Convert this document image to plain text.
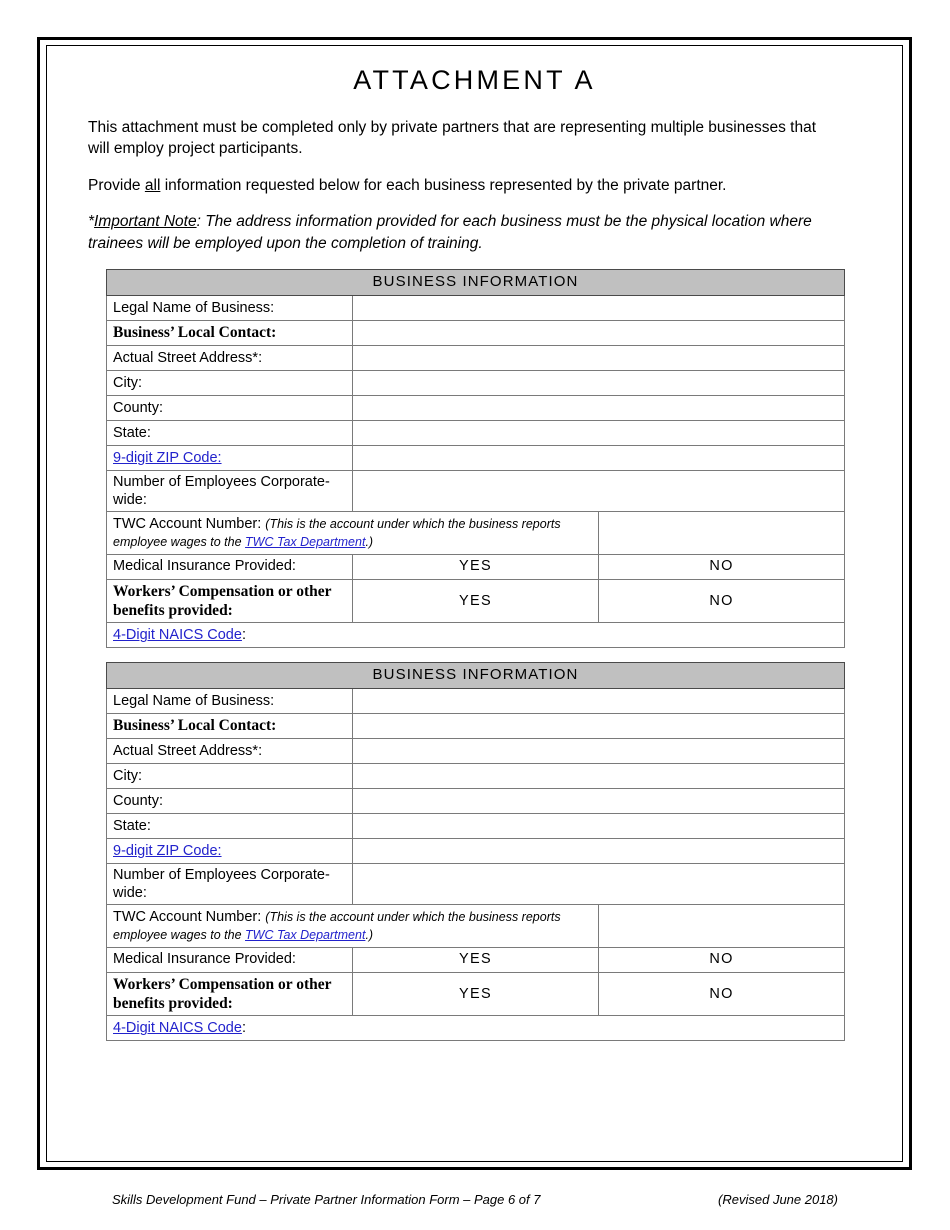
ATTACHMENT A

This attachment must be completed only by private partners that are representing multiple businesses that will employ project participants.

Provide all information requested below for each business represented by the private partner.

*Important Note: The address information provided for each business must be the physical location where trainees will be employed upon the completion of training.

BUSINESS INFORMATION		
Legal Name of Business:		
Business’ Local Contact:		
Actual Street Address*:		
City:		
County:		
State:		
9-digit ZIP Code:		
Number of Employees Corporate-wide:		
TWC Account Number: (This is the account under which the business reports employee wages to the TWC Tax Department.)		
Medical Insurance Provided:	YES	NO
Workers’ Compensation or other benefits provided:	YES	NO
4-Digit NAICS Code:		
BUSINESS INFORMATION		
Legal Name of Business:		
Business’ Local Contact:		
Actual Street Address*:		
City:		
County:		
State:		
9-digit ZIP Code:		
Number of Employees Corporate-wide:		
TWC Account Number: (This is the account under which the business reports employee wages to the TWC Tax Department.)		
Medical Insurance Provided:	YES	NO
Workers’ Compensation or other benefits provided:	YES	NO
4-Digit NAICS Code:		
Skills Development Fund – Private Partner Information Form – Page 6 of 7	(Revised June 2018)
